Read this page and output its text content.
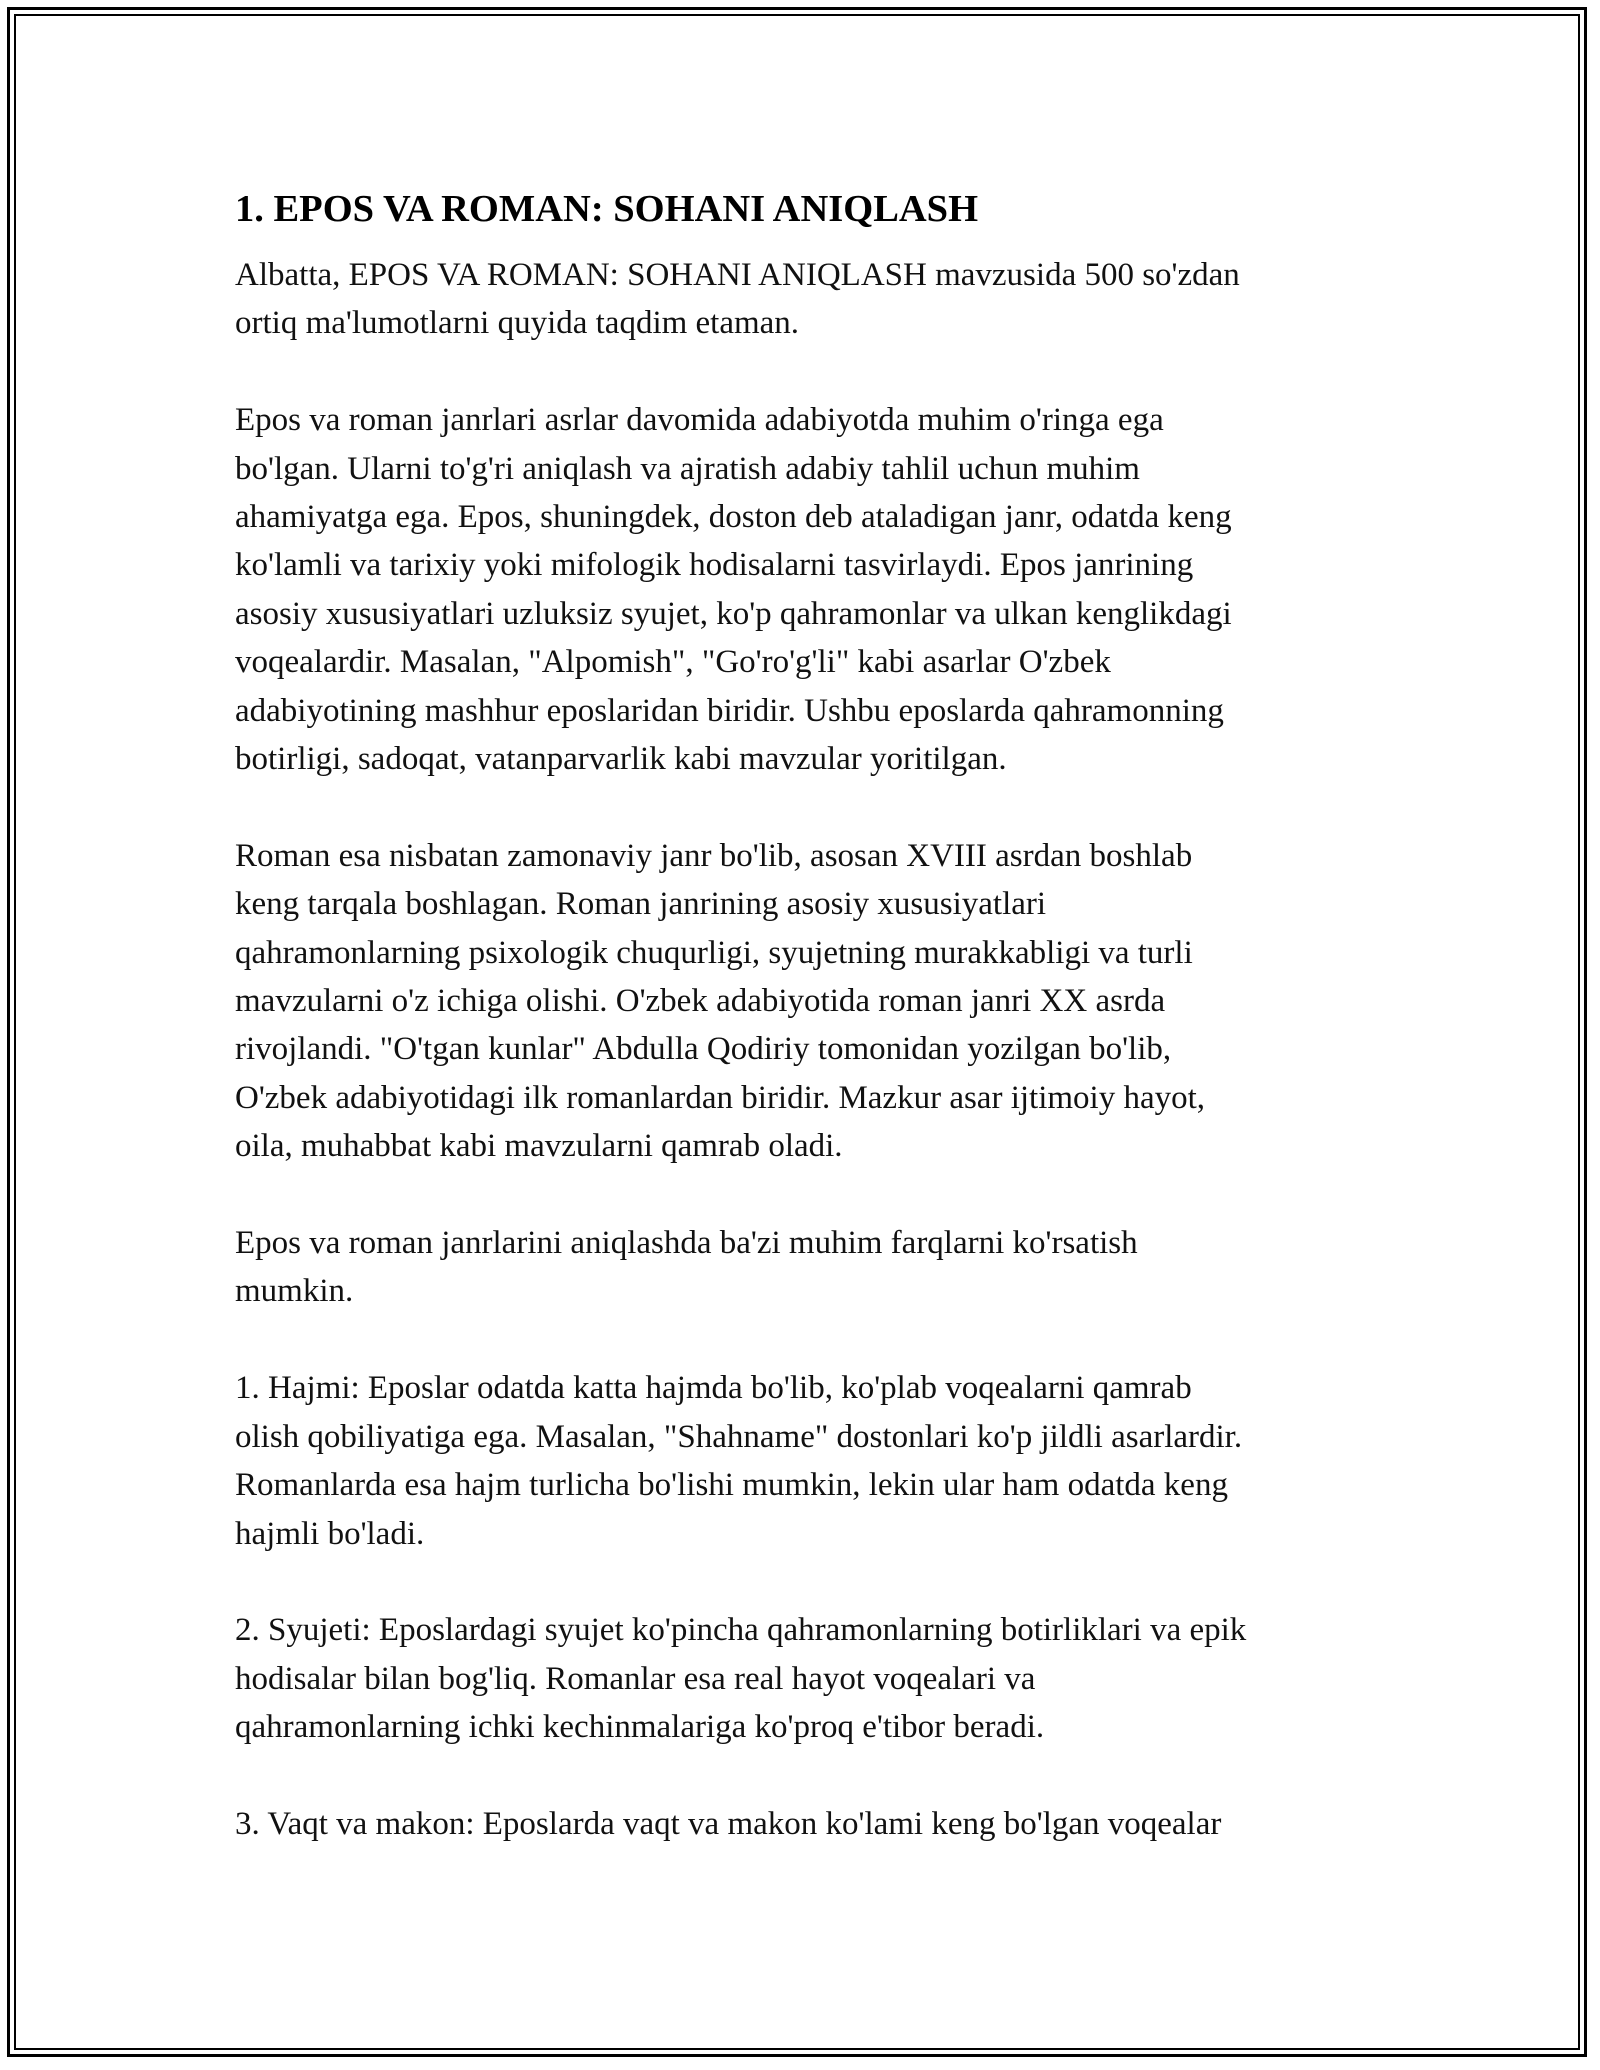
1. EPOS VA ROMAN: SOHANI ANIQLASH
Albatta, EPOS VA ROMAN: SOHANI ANIQLASH mavzusida 500 so'zdan
ortiq ma'lumotlarni quyida taqdim etaman.
Epos va roman janrlari asrlar davomida adabiyotda muhim o'ringa ega
bo'lgan. Ularni to'g'ri aniqlash va ajratish adabiy tahlil uchun muhim
ahamiyatga ega. Epos, shuningdek, doston deb ataladigan janr, odatda keng
ko'lamli va tarixiy yoki mifologik hodisalarni tasvirlaydi. Epos janrining
asosiy xususiyatlari uzluksiz syujet, ko'p qahramonlar va ulkan kenglikdagi
voqealardir. Masalan, "Alpomish", "Go'ro'g'li" kabi asarlar O'zbek
adabiyotining mashhur eposlaridan biridir. Ushbu eposlarda qahramonning
botirligi, sadoqat, vatanparvarlik kabi mavzular yoritilgan.
Roman esa nisbatan zamonaviy janr bo'lib, asosan XVIII asrdan boshlab
keng tarqala boshlagan. Roman janrining asosiy xususiyatlari
qahramonlarning psixologik chuqurligi, syujetning murakkabligi va turli
mavzularni o'z ichiga olishi. O'zbek adabiyotida roman janri XX asrda
rivojlandi. "O'tgan kunlar" Abdulla Qodiriy tomonidan yozilgan bo'lib,
O'zbek adabiyotidagi ilk romanlardan biridir. Mazkur asar ijtimoiy hayot,
oila, muhabbat kabi mavzularni qamrab oladi.
Epos va roman janrlarini aniqlashda ba'zi muhim farqlarni ko'rsatish
mumkin.
1. Hajmi: Eposlar odatda katta hajmda bo'lib, ko'plab voqealarni qamrab
olish qobiliyatiga ega. Masalan, "Shahname" dostonlari ko'p jildli asarlardir.
Romanlarda esa hajm turlicha bo'lishi mumkin, lekin ular ham odatda keng
hajmli bo'ladi.
2. Syujeti: Eposlardagi syujet ko'pincha qahramonlarning botirliklari va epik
hodisalar bilan bog'liq. Romanlar esa real hayot voqealari va
qahramonlarning ichki kechinmalariga ko'proq e'tibor beradi.
3. Vaqt va makon: Eposlarda vaqt va makon ko'lami keng bo'lgan voqealar
